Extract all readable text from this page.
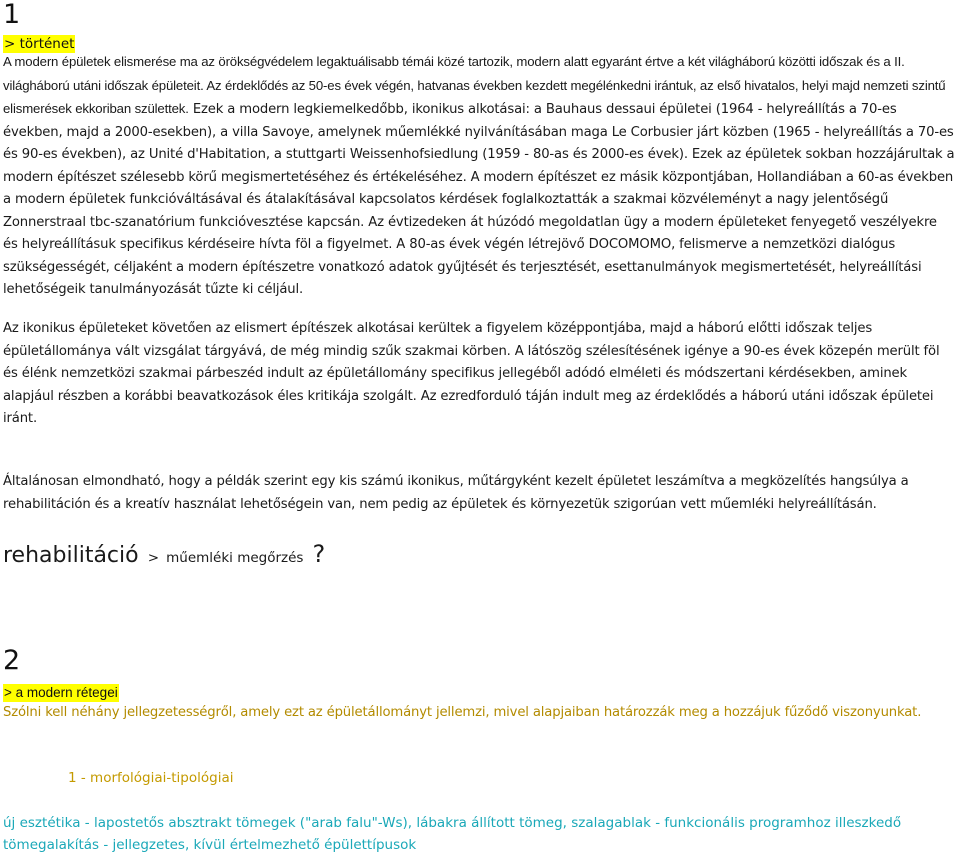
1
> történet
A modern épületek elismerése ma az örökségvédelem legaktuálisabb témái közé tartozik, modern alatt egyaránt értve a két világháború közötti időszak és a II. világháború utáni időszak épületeit. Az érdeklődés az 50-es évek végén, hatvanas években kezdett megélénkedni irántuk, az első hivatalos, helyi majd nemzeti szintű elismerések ekkoriban születtek. Ezek a modern legkiemelkedőbb, ikonikus alkotásai: a Bauhaus dessaui épületei (1964 - helyreállítás a 70-es években, majd a 2000-esekben), a villa Savoye, amelynek műemlékké nyilvánításában maga Le Corbusier járt közben (1965 - helyreállítás a 70-es és 90-es években), az Unité d'Habitation, a stuttgarti Weissenhofsiedlung (1959 - 80-as és 2000-es évek). Ezek az épületek sokban hozzájárultak a modern építészet szélesebb körű megismertetéséhez és értékeléséhez. A modern építészet ez másik központjában, Hollandiában a 60-as években a modern épületek funkcióváltásával és átalakításával kapcsolatos kérdések foglalkoztatták a szakmai közvéleményt a nagy jelentőségű Zonnerstraal tbc-szanatórium funkcióvesztése kapcsán. Az évtizedeken át húzódó megoldatlan ügy a modern épületeket fenyegető veszélyekre és helyreállításuk specifikus kérdéseire hívta föl a figyelmet. A 80-as évek végén létrejövő DOCOMOMO, felismerve a nemzetközi dialógus szükségességét, céljaként a modern építészetre vonatkozó adatok gyűjtését és terjesztését, esettanulmányok megismertetését, helyreállítási lehetőségeik tanulmányozását tűzte ki céljául.
Az ikonikus épületeket követően az elismert építészek alkotásai kerültek a figyelem középpontjába, majd a háború előtti időszak teljes épületállománya vált vizsgálat tárgyává, de még mindig szűk szakmai körben. A látószög szélesítésének igénye a 90-es évek közepén merült föl és élénk nemzetközi szakmai párbeszéd indult az épületállomány specifikus jellegéből adódó elméleti és módszertani kérdésekben, aminek alapjául részben a korábbi beavatkozások éles kritikája szolgált. Az ezredforduló táján indult meg az érdeklődés a háború utáni időszak épületei iránt.
Általánosan elmondható, hogy a példák szerint egy kis számú ikonikus, műtárgyként kezelt épületet leszámítva a megközelítés hangsúlya a rehabilitáción és a kreatív használat lehetőségein van, nem pedig az épületek és környezetük szigorúan vett műemléki helyreállításán.
rehabilitáció > műemléki megőrzés ?
2
> a modern rétegei
Szólni kell néhány jellegzetességről, amely ezt az épületállományt jellemzi, mivel alapjaiban határozzák meg a hozzájuk fűződő viszonyunkat.
1 - morfológiai-tipológiai
új esztétika - lapostetős absztrakt tömegek ("arab falu"-Ws), lábakra állított tömeg, szalagablak - funkcionális programhoz illeszkedő
tömegalakítás - jellegzetes, kívül értelmezhető épülettípusok
